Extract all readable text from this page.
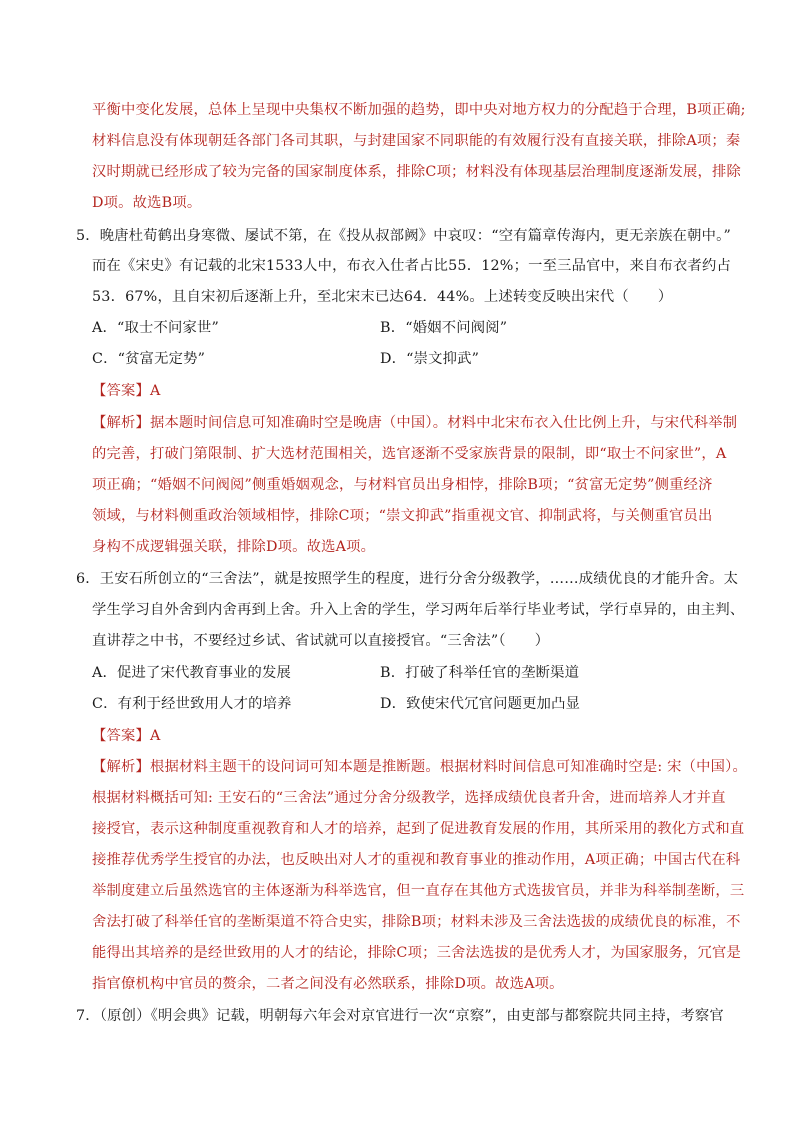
平衡中变化发展，总体上呈现中央集权不断加强的趋势，即中央对地方权力的分配趋于合理，B项正确;
材料信息没有体现朝廷各部门各司其职，与封建国家不同职能的有效履行没有直接关联，排除A项；秦
汉时期就已经形成了较为完备的国家制度体系，排除C项；材料没有体现基层治理制度逐渐发展，排除
D项。故选B项。
5．晚唐杜荀鹤出身寒微、屡试不第，在《投从叔部阙》中哀叹：“空有篇章传海内，更无亲族在朝中。”
而在《宋史》有记载的北宋1533人中，布衣入仕者占比55．12%；一至三品官中，来自布衣者约占
53．67%，且自宋初后逐渐上升，至北宋末已达64．44%。上述转变反映出宋代（　　）
A．“取士不问家世”	B．“婚姻不问阀阅”
C．“贫富无定势”	D．“崇文抑武”
【答案】A
【解析】据本题时间信息可知准确时空是晚唐（中国）。材料中北宋布衣入仕比例上升，与宋代科举制
的完善，打破门第限制、扩大选材范围相关，选官逐渐不受家族背景的限制，即“取士不问家世”，A
项正确；“婚姻不问阀阅”侧重婚姻观念，与材料官员出身相悖，排除B项；“贫富无定势”侧重经济
领域，与材料侧重政治领域相悖，排除C项；“崇文抑武”指重视文官、抑制武将，与关侧重官员出
身构不成逻辑强关联，排除D项。故选A项。
6．王安石所创立的“三舍法”，就是按照学生的程度，进行分舍分级教学，……成绩优良的才能升舍。太
学生学习自外舍到内舍再到上舍。升入上舍的学生，学习两年后举行毕业考试，学行卓异的，由主判、
直讲荐之中书，不要经过乡试、省试就可以直接授官。“三舍法”（　　）
A．促进了宋代教育事业的发展	B．打破了科举任官的垄断渠道
C．有利于经世致用人才的培养	D．致使宋代冗官问题更加凸显
【答案】A
【解析】根据材料主题干的设问词可知本题是推断题。根据材料时间信息可知准确时空是: 宋（中国）。
根据材料概括可知: 王安石的“三舍法”通过分舍分级教学，选择成绩优良者升舍，进而培养人才并直
接授官，表示这种制度重视教育和人才的培养，起到了促进教育发展的作用，其所采用的教化方式和直
接推荐优秀学生授官的办法，也反映出对人才的重视和教育事业的推动作用，A项正确；中国古代在科
举制度建立后虽然选官的主体逐渐为科举选官，但一直存在其他方式选拔官员，并非为科举制垄断，三
舍法打破了科举任官的垄断渠道不符合史实，排除B项；材料未涉及三舍法选拔的成绩优良的标准，不
能得出其培养的是经世致用的人才的结论，排除C项；三舍法选拔的是优秀人才，为国家服务，冗官是
指官僚机构中官员的赘余，二者之间没有必然联系，排除D项。故选A项。
7．（原创）《明会典》记载，明朝每六年会对京官进行一次“京察”，由吏部与都察院共同主持，考察官
